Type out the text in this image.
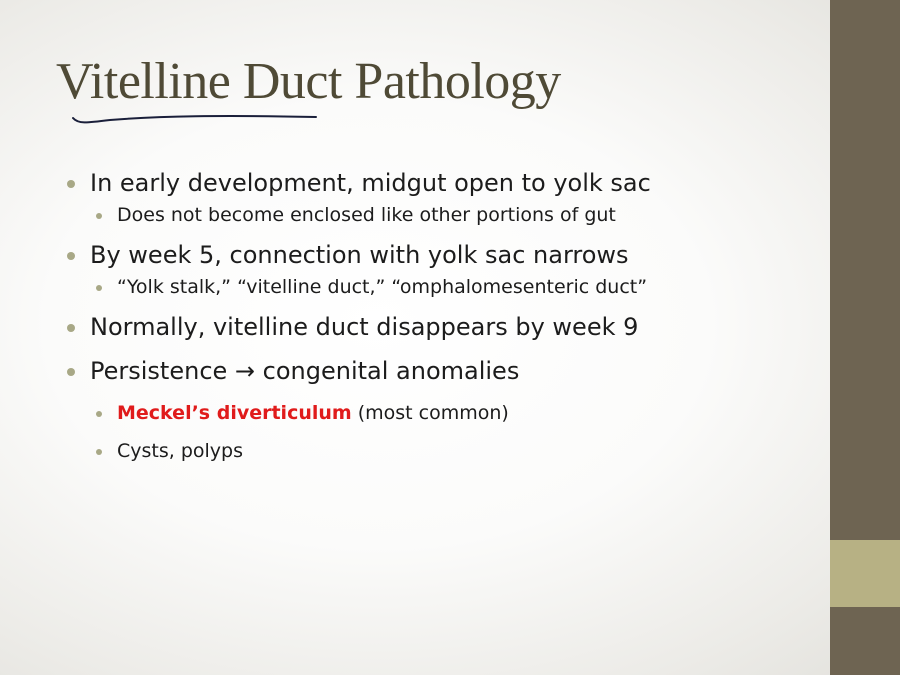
Vitelline Duct Pathology
In early development, midgut open to yolk sac
Does not become enclosed like other portions of gut
By week 5, connection with yolk sac narrows
“Yolk stalk,” “vitelline duct,” “omphalomesenteric duct”
Normally, vitelline duct disappears by week 9
Persistence → congenital anomalies
Meckel’s diverticulum (most common)
Cysts, polyps
